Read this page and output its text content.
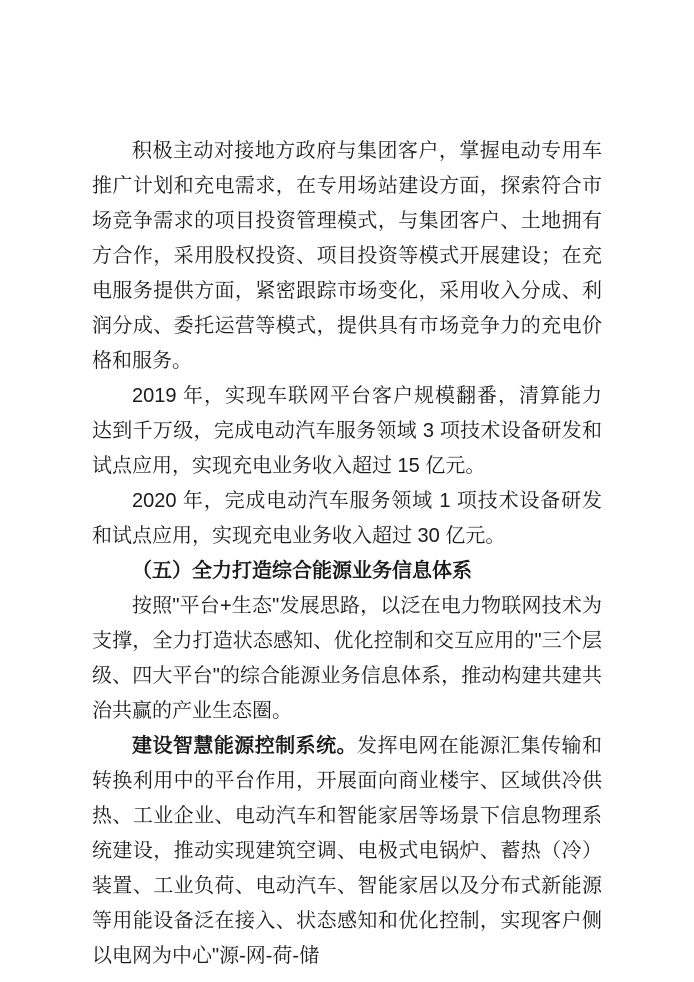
积极主动对接地方政府与集团客户，掌握电动专用车推广计划和充电需求，在专用场站建设方面，探索符合市场竞争需求的项目投资管理模式，与集团客户、土地拥有方合作，采用股权投资、项目投资等模式开展建设；在充电服务提供方面，紧密跟踪市场变化，采用收入分成、利润分成、委托运营等模式，提供具有市场竞争力的充电价格和服务。

2019 年，实现车联网平台客户规模翻番，清算能力达到千万级，完成电动汽车服务领域 3 项技术设备研发和试点应用，实现充电业务收入超过 15 亿元。

2020 年，完成电动汽车服务领域 1 项技术设备研发和试点应用，实现充电业务收入超过 30 亿元。

（五）全力打造综合能源业务信息体系

按照"平台+生态"发展思路，以泛在电力物联网技术为支撑，全力打造状态感知、优化控制和交互应用的"三个层级、四大平台"的综合能源业务信息体系，推动构建共建共治共赢的产业生态圈。

建设智慧能源控制系统。发挥电网在能源汇集传输和转换利用中的平台作用，开展面向商业楼宇、区域供冷供热、工业企业、电动汽车和智能家居等场景下信息物理系统建设，推动实现建筑空调、电极式电锅炉、蓄热（冷）装置、工业负荷、电动汽车、智能家居以及分布式新能源等用能设备泛在接入、状态感知和优化控制，实现客户侧以电网为中心"源-网-荷-储
